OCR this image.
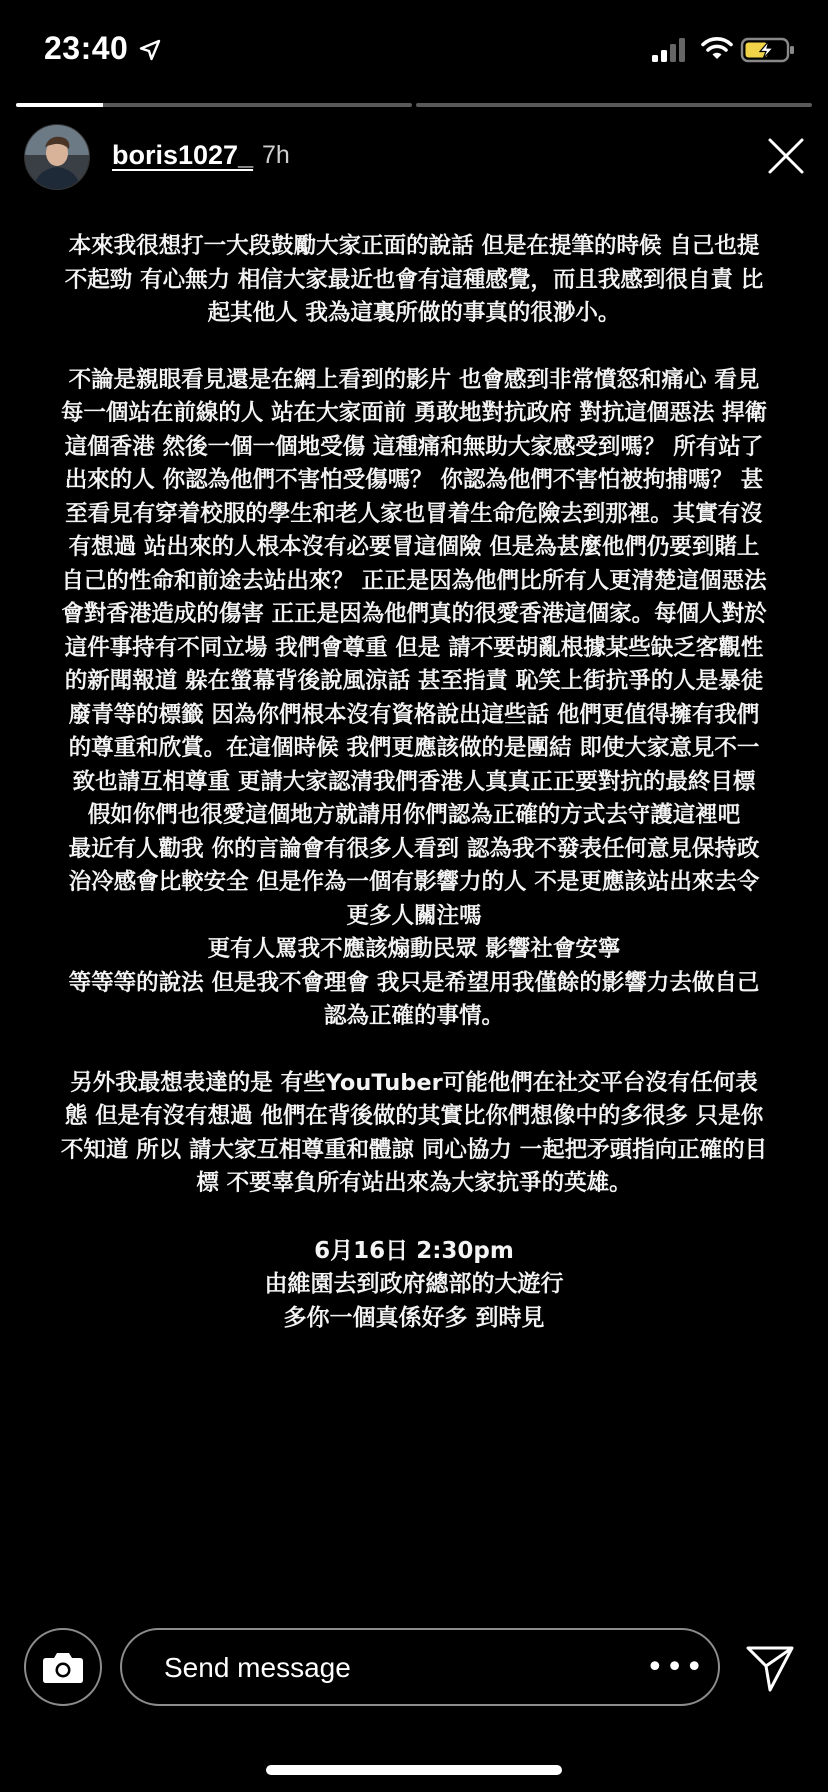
23:40
boris1027_ 7h

本來我很想打一大段鼓勵大家正面的說話 但是在提筆的時候 自己也提不起勁 有心無力 相信大家最近也會有這種感覺，而且我感到很自責 比起其他人 我為這裏所做的事真的很渺小。

不論是親眼看見還是在網上看到的影片 也會感到非常憤怒和痛心 看見每一個站在前線的人 站在大家面前 勇敢地對抗政府 對抗這個惡法 捍衛這個香港 然後一個一個地受傷 這種痛和無助大家感受到嗎？ 所有站了出來的人 你認為他們不害怕受傷嗎？ 你認為他們不害怕被拘捕嗎？ 甚至看見有穿着校服的學生和老人家也冒着生命危險去到那裡。其實有沒有想過 站出來的人根本沒有必要冒這個險 但是為甚麼他們仍要到賭上自己的性命和前途去站出來？ 正正是因為他們比所有人更清楚這個惡法會對香港造成的傷害 正正是因為他們真的很愛香港這個家。每個人對於這件事持有不同立場 我們會尊重 但是 請不要胡亂根據某些缺乏客觀性的新聞報道 躲在螢幕背後說風涼話 甚至指責 恥笑上街抗爭的人是暴徒 廢青等的標籤 因為你們根本沒有資格說出這些話 他們更值得擁有我們的尊重和欣賞。在這個時候 我們更應該做的是團結 即使大家意見不一致也請互相尊重 更請大家認清我們香港人真真正正要對抗的最終目標 假如你們也很愛這個地方就請用你們認為正確的方式去守護這裡吧

最近有人勸我 你的言論會有很多人看到 認為我不發表任何意見保持政治冷感會比較安全 但是作為一個有影響力的人 不是更應該站出來去令更多人關注嗎

更有人罵我不應該煽動民眾 影響社會安寧

等等等的說法 但是我不會理會 我只是希望用我僅餘的影響力去做自己認為正確的事情。

另外我最想表達的是 有些YouTuber可能他們在社交平台沒有任何表態 但是有沒有想過 他們在背後做的其實比你們想像中的多很多 只是你不知道 所以 請大家互相尊重和體諒 同心協力 一起把矛頭指向正確的目標 不要辜負所有站出來為大家抗爭的英雄。

6月16日 2:30pm

由維園去到政府總部的大遊行

多你一個真係好多 到時見

Send message	•••
